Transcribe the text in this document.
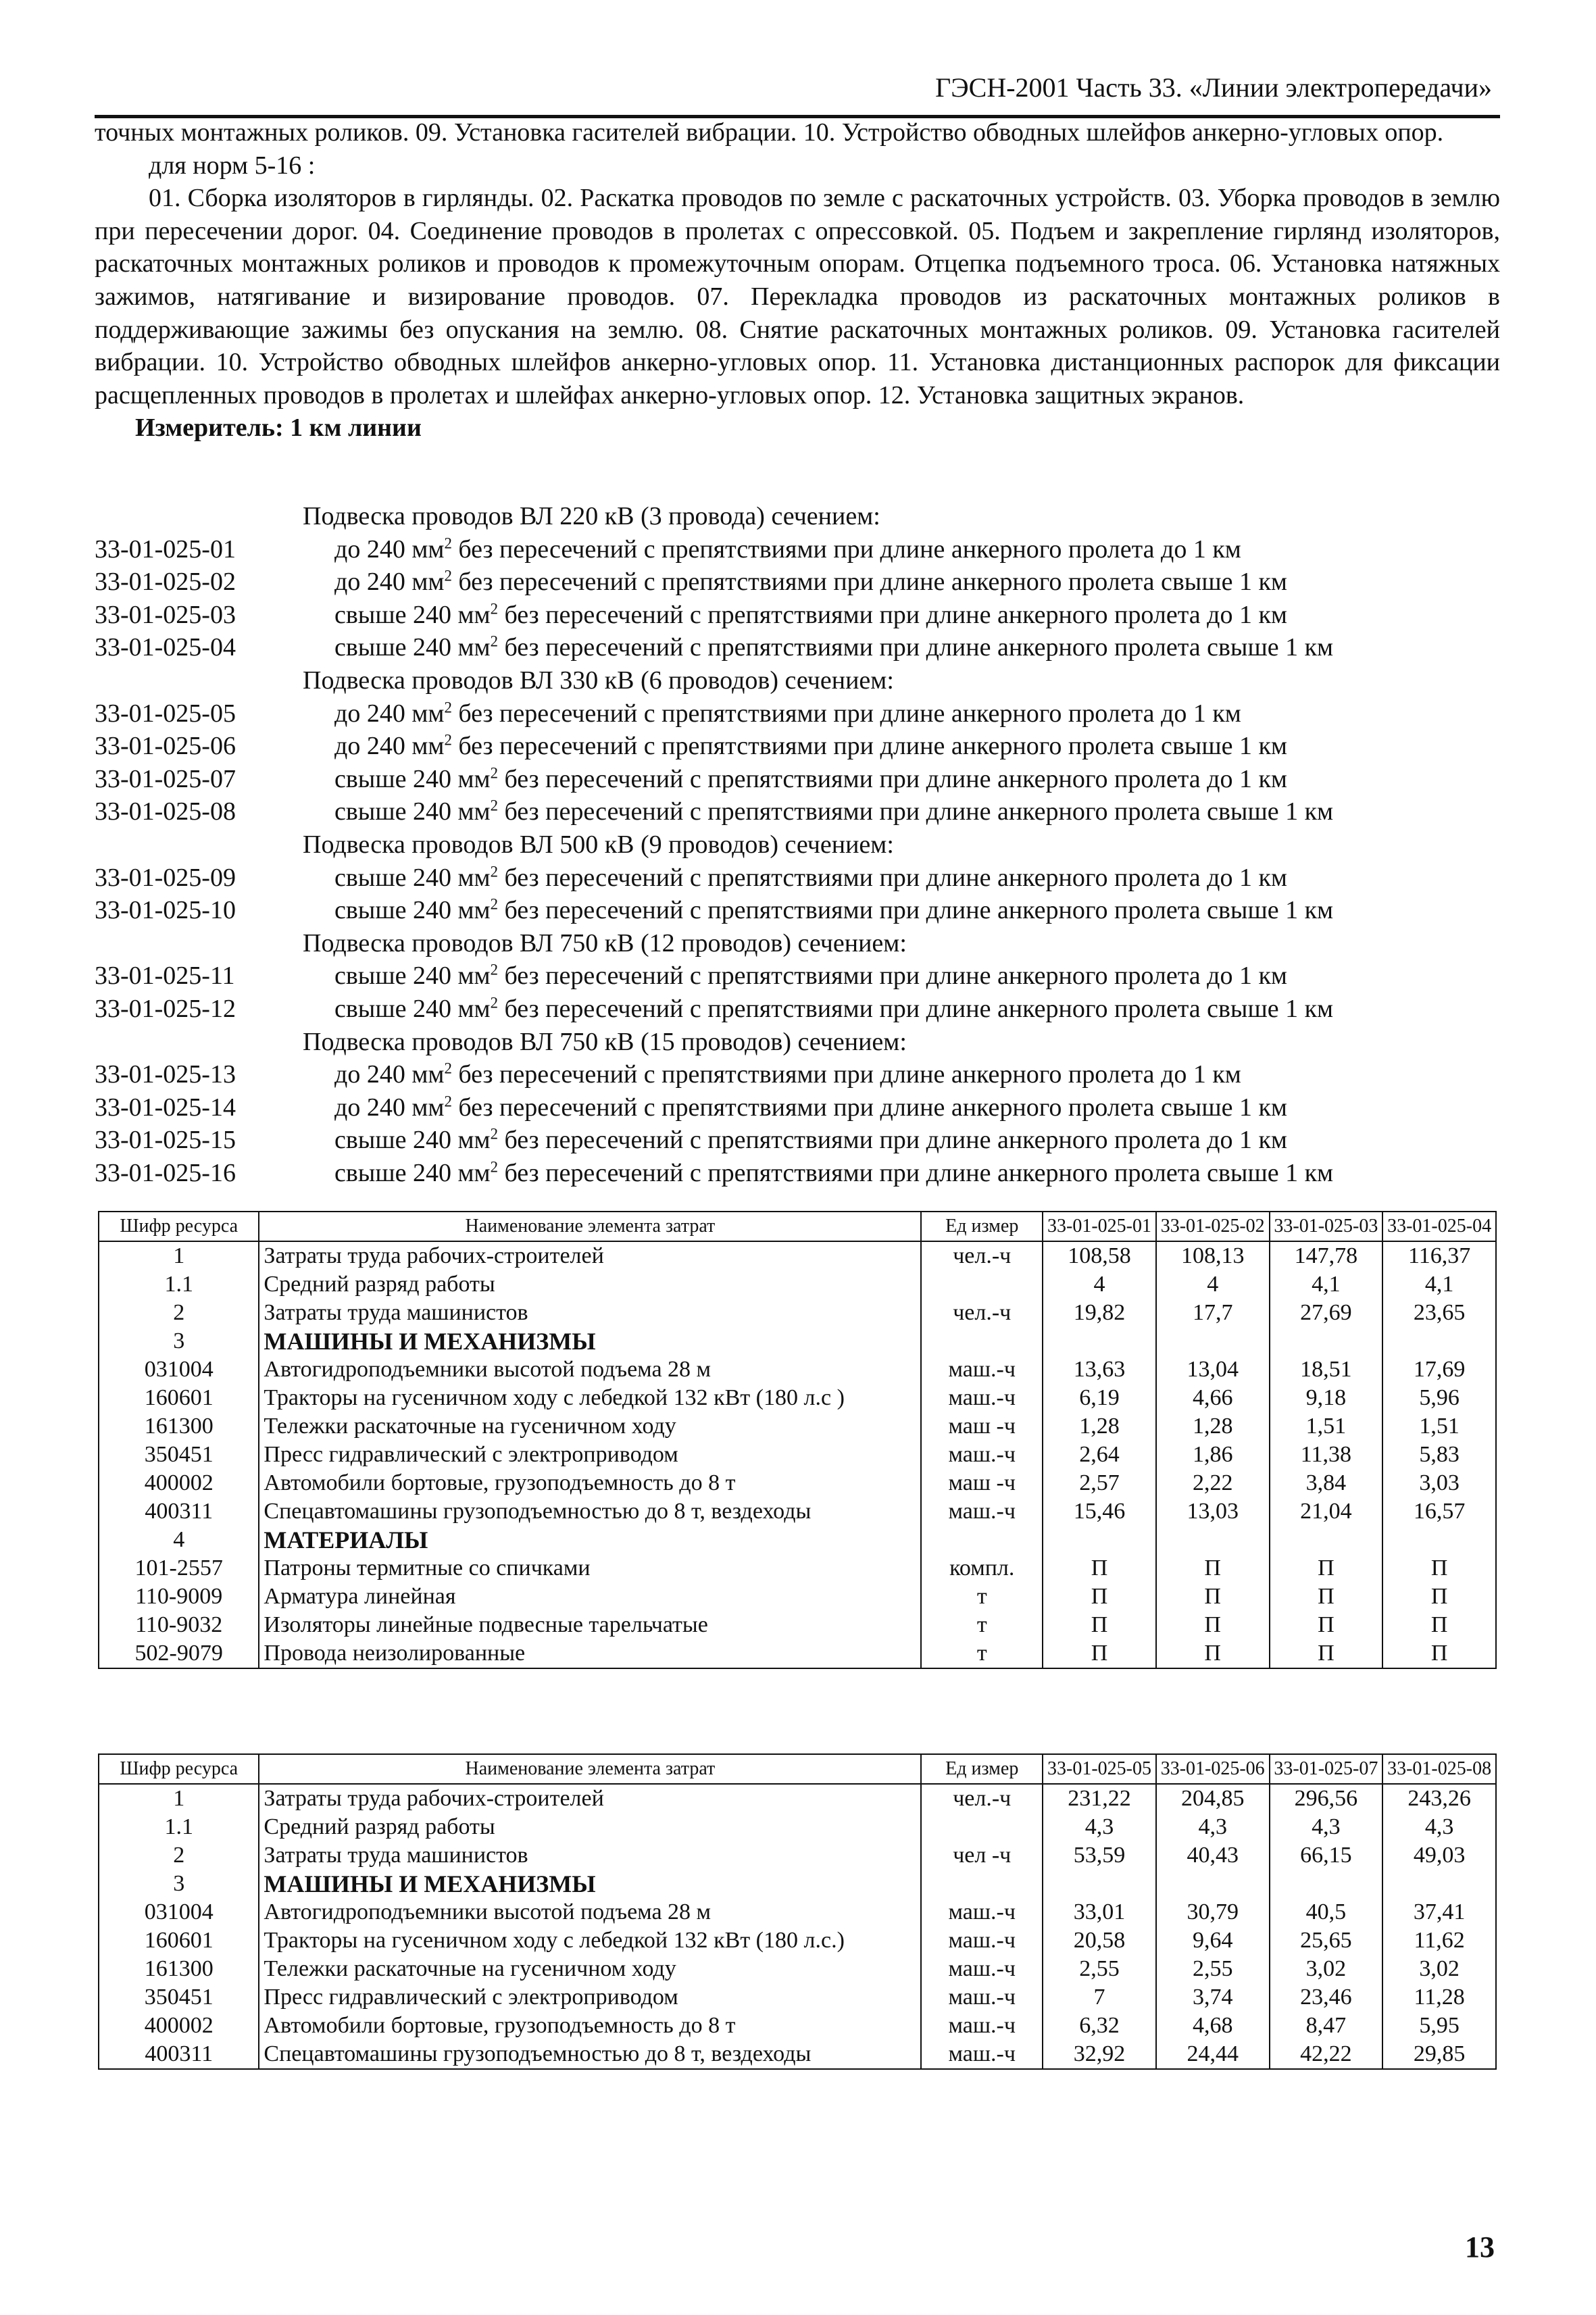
ГЭСН-2001 Часть 33. «Линии электропередачи»

точных монтажных роликов. 09. Установка гасителей вибрации. 10. Устройство обводных шлейфов анкерно-угловых опор.

для норм 5-16 :

01. Сборка изоляторов в гирлянды. 02. Раскатка проводов по земле с раскаточных устройств. 03. Уборка проводов в землю при пересечении дорог. 04. Соединение проводов в пролетах с опрессовкой. 05. Подъем и закрепление гирлянд изоляторов, раскаточных монтажных роликов и проводов к промежуточным опорам. Отцепка подъемного троса. 06. Установка натяжных зажимов, натягивание и визирование проводов. 07. Перекладка проводов из раскаточных монтажных роликов в поддерживающие зажимы без опускания на землю. 08. Снятие раскаточных монтажных роликов. 09. Установка гасителей вибрации. 10. Устройство обводных шлейфов анкерно-угловых опор. 11. Установка дистанционных распорок для фиксации расщепленных проводов в пролетах и шлейфах анкерно-угловых опор. 12. Установка защитных экранов.

Измеритель: 1 км линии

Подвеска проводов ВЛ 220 кВ (3 провода) сечением:
33-01-025-01	до 240 $мм^2$ без пересечений с препятствиями при длине анкерного пролета до 1 км
33-01-025-02	до 240 $мм^2$ без пересечений с препятствиями при длине анкерного пролета свыше 1 км
33-01-025-03	свыше 240 $мм^2$ без пересечений с препятствиями при длине анкерного пролета до 1 км
33-01-025-04	свыше 240 $мм^2$ без пересечений с препятствиями при длине анкерного пролета свыше 1 км
Подвеска проводов ВЛ 330 кВ (6 проводов) сечением:
33-01-025-05	до 240 $мм^2$ без пересечений с препятствиями при длине анкерного пролета до 1 км
33-01-025-06	до 240 $мм^2$ без пересечений с препятствиями при длине анкерного пролета свыше 1 км
33-01-025-07	свыше 240 $мм^2$ без пересечений с препятствиями при длине анкерного пролета до 1 км
33-01-025-08	свыше 240 $мм^2$ без пересечений с препятствиями при длине анкерного пролета свыше 1 км
Подвеска проводов ВЛ 500 кВ (9 проводов) сечением:
33-01-025-09	свыше 240 $мм^2$ без пересечений с препятствиями при длине анкерного пролета до 1 км
33-01-025-10	свыше 240 $мм^2$ без пересечений с препятствиями при длине анкерного пролета свыше 1 км
Подвеска проводов ВЛ 750 кВ (12 проводов) сечением:
33-01-025-11	свыше 240 $мм^2$ без пересечений с препятствиями при длине анкерного пролета до 1 км
33-01-025-12	свыше 240 $мм^2$ без пересечений с препятствиями при длине анкерного пролета свыше 1 км
Подвеска проводов ВЛ 750 кВ (15 проводов) сечением:
33-01-025-13	до 240 $мм^2$ без пересечений с препятствиями при длине анкерного пролета до 1 км
33-01-025-14	до 240 $мм^2$ без пересечений с препятствиями при длине анкерного пролета свыше 1 км
33-01-025-15	свыше 240 $мм^2$ без пересечений с препятствиями при длине анкерного пролета до 1 км
33-01-025-16	свыше 240 $мм^2$ без пересечений с препятствиями при длине анкерного пролета свыше 1 км
Шифр ресурса	Наименование элемента затрат	Ед измер	33-01-025-01	33-01-025-02	33-01-025-03	33-01-025-04
1	Затраты труда рабочих-строителей	чел.-ч	108,58	108,13	147,78	116,37
1.1	Средний разряд работы		4	4	4,1	4,1
2	Затраты труда машинистов	чел.-ч	19,82	17,7	27,69	23,65
3	МАШИНЫ И МЕХАНИЗМЫ					
031004	Автогидроподъемники высотой подъема 28 м	маш.-ч	13,63	13,04	18,51	17,69
160601	Тракторы на гусеничном ходу с лебедкой 132 кВт (180 л.с )	маш.-ч	6,19	4,66	9,18	5,96
161300	Тележки раскаточные на гусеничном ходу	маш -ч	1,28	1,28	1,51	1,51
350451	Пресс гидравлический с электроприводом	маш.-ч	2,64	1,86	11,38	5,83
400002	Автомобили бортовые, грузоподъемность до 8 т	маш -ч	2,57	2,22	3,84	3,03
400311	Спецавтомашины грузоподъемностью до 8 т, вездеходы	маш.-ч	15,46	13,03	21,04	16,57
4	МАТЕРИАЛЫ					
101-2557	Патроны термитные со спичками	компл.	П	П	П	П
110-9009	Арматура линейная	т	П	П	П	П
110-9032	Изоляторы линейные подвесные тарельчатые	т	П	П	П	П
502-9079	Провода неизолированные	т	П	П	П	П
Шифр ресурса	Наименование элемента затрат	Ед измер	33-01-025-05	33-01-025-06	33-01-025-07	33-01-025-08
1	Затраты труда рабочих-строителей	чел.-ч	231,22	204,85	296,56	243,26
1.1	Средний разряд работы		4,3	4,3	4,3	4,3
2	Затраты труда машинистов	чел -ч	53,59	40,43	66,15	49,03
3	МАШИНЫ И МЕХАНИЗМЫ					
031004	Автогидроподъемники высотой подъема 28 м	маш.-ч	33,01	30,79	40,5	37,41
160601	Тракторы на гусеничном ходу с лебедкой 132 кВт (180 л.с.)	маш.-ч	20,58	9,64	25,65	11,62
161300	Тележки раскаточные на гусеничном ходу	маш.-ч	2,55	2,55	3,02	3,02
350451	Пресс гидравлический с электроприводом	маш.-ч	7	3,74	23,46	11,28
400002	Автомобили бортовые, грузоподъемность до 8 т	маш.-ч	6,32	4,68	8,47	5,95
400311	Спецавтомашины грузоподъемностью до 8 т, вездеходы	маш.-ч	32,92	24,44	42,22	29,85
13
